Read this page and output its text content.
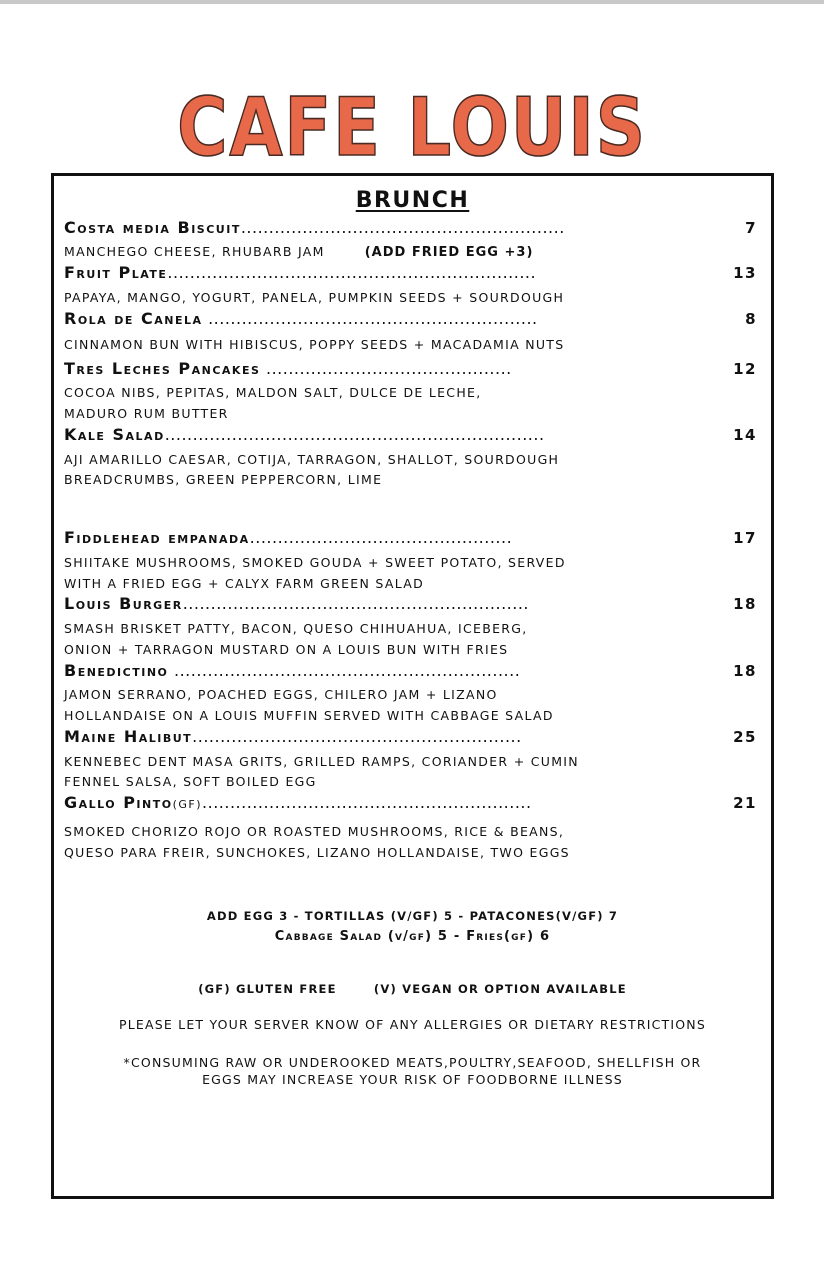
CAFE LOUIS
BRUNCH
Costa media Biscuit..........................................................	7
MANCHEGO CHEESE, RHUBARB JAM	(ADD FRIED EGG +3)
Fruit Plate..................................................................	13
PAPAYA, MANGO, YOGURT, PANELA, PUMPKIN SEEDS + SOURDOUGH
Rola de Canela ...........................................................	8
CINNAMON BUN WITH HIBISCUS, POPPY SEEDS + MACADAMIA NUTS
Tres Leches Pancakes ............................................	12
COCOA NIBS, PEPITAS, MALDON SALT, DULCE DE LECHE,
MADURO RUM BUTTER
Kale Salad....................................................................	14
AJI AMARILLO CAESAR, COTIJA, TARRAGON, SHALLOT, SOURDOUGH
BREADCRUMBS, GREEN PEPPERCORN, LIME
Fiddlehead empanada...............................................	17
SHIITAKE MUSHROOMS, SMOKED GOUDA + SWEET POTATO, SERVED
WITH A FRIED EGG + CALYX FARM GREEN SALAD
Louis Burger..............................................................	18
SMASH BRISKET PATTY, BACON, QUESO CHIHUAHUA, ICEBERG,
ONION + TARRAGON MUSTARD ON A LOUIS BUN WITH FRIES
Benedictino ..............................................................	18
JAMON SERRANO, POACHED EGGS, CHILERO JAM + LIZANO
HOLLANDAISE ON A LOUIS MUFFIN SERVED WITH CABBAGE SALAD
Maine Halibut...........................................................	25
KENNEBEC DENT MASA GRITS, GRILLED RAMPS, CORIANDER + CUMIN
FENNEL SALSA, SOFT BOILED EGG
Gallo Pinto(GF)...........................................................	21
SMOKED CHORIZO ROJO OR ROASTED MUSHROOMS, RICE & BEANS,
QUESO PARA FREIR, SUNCHOKES, LIZANO HOLLANDAISE, TWO EGGS
ADD EGG 3 - TORTILLAS (V/GF) 5 - PATACONES(V/GF) 7
Cabbage Salad (v/gf) 5 - Fries(gf) 6
(GF) GLUTEN FREE	(V) VEGAN OR OPTION AVAILABLE
PLEASE LET YOUR SERVER KNOW OF ANY ALLERGIES OR DIETARY RESTRICTIONS
*CONSUMING RAW OR UNDEROOKED MEATS,POULTRY,SEAFOOD, SHELLFISH OR
EGGS MAY INCREASE YOUR RISK OF FOODBORNE ILLNESS
